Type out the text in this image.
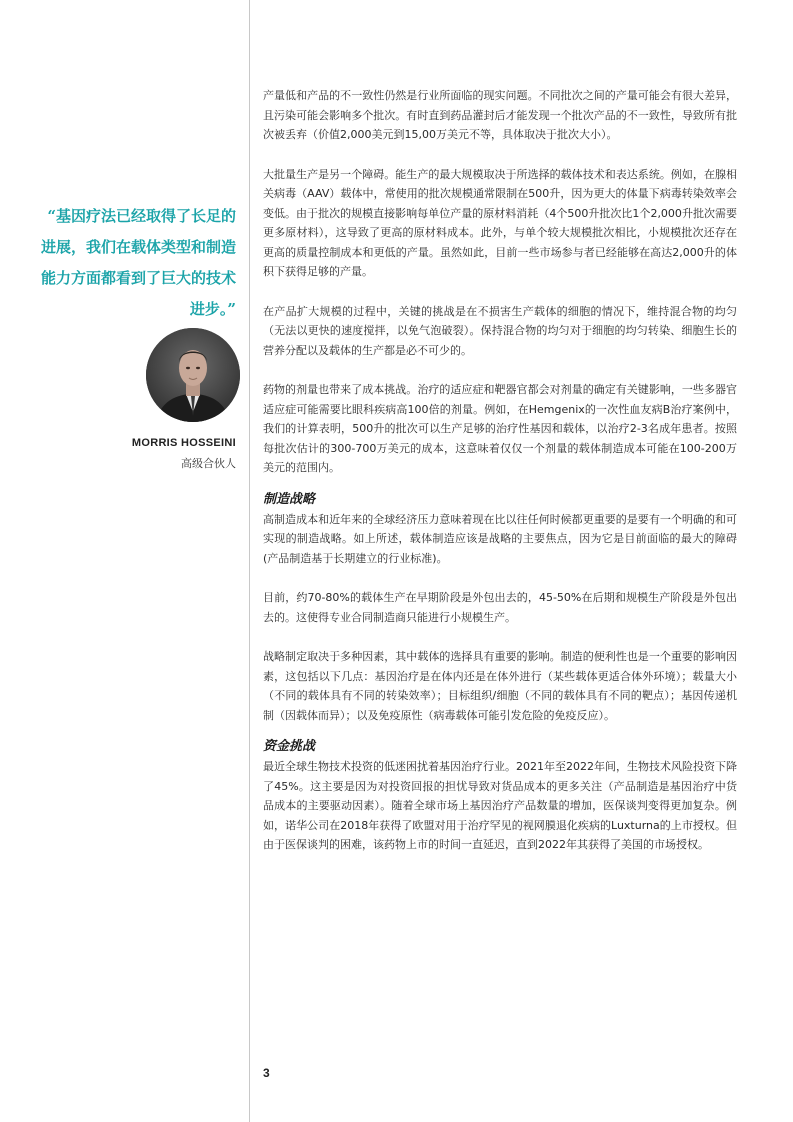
“基因疗法已经取得了长足的进展，我们在载体类型和制造能力方面都看到了巨大的技术进步。”

MORRIS HOSSEINI
高级合伙人

产量低和产品的不一致性仍然是行业所面临的现实问题。不同批次之间的产量可能会有很大差异，且污染可能会影响多个批次。有时直到药品灌封后才能发现一个批次产品的不一致性，导致所有批次被丢弃（价值2,000美元到15,00万美元不等，具体取决于批次大小）。

大批量生产是另一个障碍。能生产的最大规模取决于所选择的载体技术和表达系统。例如，在腺相关病毒（AAV）载体中，常使用的批次规模通常限制在500升，因为更大的体量下病毒转染效率会变低。由于批次的规模直接影响每单位产量的原材料消耗（4个500升批次比1个2,000升批次需要更多原材料），这导致了更高的原材料成本。此外，与单个较大规模批次相比，小规模批次还存在更高的质量控制成本和更低的产量。虽然如此，目前一些市场参与者已经能够在高达2,000升的体积下获得足够的产量。

在产品扩大规模的过程中，关键的挑战是在不损害生产载体的细胞的情况下，维持混合物的均匀（无法以更快的速度搅拌，以免气泡破裂）。保持混合物的均匀对于细胞的均匀转染、细胞生长的营养分配以及载体的生产都是必不可少的。

药物的剂量也带来了成本挑战。治疗的适应症和靶器官都会对剂量的确定有关键影响，一些多器官适应症可能需要比眼科疾病高100倍的剂量。例如，在Hemgenix的一次性血友病B治疗案例中，我们的计算表明，500升的批次可以生产足够的治疗性基因和载体，以治疗2-3名成年患者。按照每批次估计的300-700万美元的成本，这意味着仅仅一个剂量的载体制造成本可能在100-200万美元的范围内。

制造战略

高制造成本和近年来的全球经济压力意味着现在比以往任何时候都更重要的是要有一个明确的和可实现的制造战略。如上所述，载体制造应该是战略的主要焦点，因为它是目前面临的最大的障碍(产品制造基于长期建立的行业标准)。

目前，约70-80%的载体生产在早期阶段是外包出去的，45-50%在后期和规模生产阶段是外包出去的。这使得专业合同制造商只能进行小规模生产。

战略制定取决于多种因素，其中载体的选择具有重要的影响。制造的便利性也是一个重要的影响因素，这包括以下几点：基因治疗是在体内还是在体外进行（某些载体更适合体外环境）；载量大小（不同的载体具有不同的转染效率）；目标组织/细胞（不同的载体具有不同的靶点）；基因传递机制（因载体而异）；以及免疫原性（病毒载体可能引发危险的免疫反应）。

资金挑战

最近全球生物技术投资的低迷困扰着基因治疗行业。2021年至2022年间，生物技术风险投资下降了45%。这主要是因为对投资回报的担忧导致对货品成本的更多关注（产品制造是基因治疗中货品成本的主要驱动因素）。随着全球市场上基因治疗产品数量的增加，医保谈判变得更加复杂。例如，诺华公司在2018年获得了欧盟对用于治疗罕见的视网膜退化疾病的Luxturna的上市授权。但由于医保谈判的困难，该药物上市的时间一直延迟，直到2022年其获得了美国的市场授权。

3
